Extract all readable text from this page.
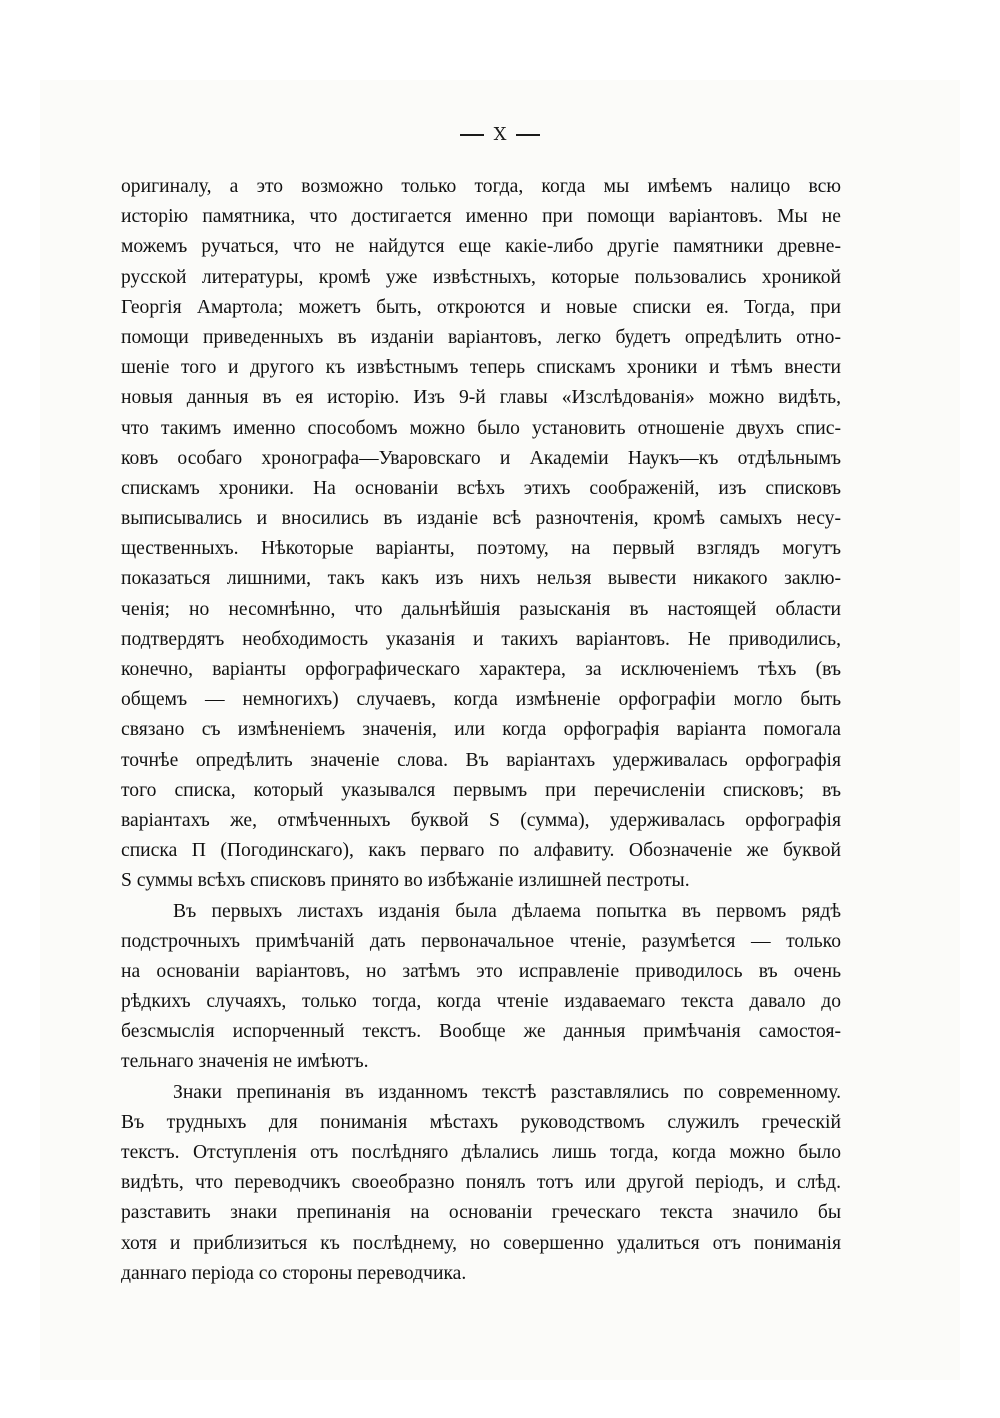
X
оригиналу, а это возможно только тогда, когда мы имѣемъ налицо всю
исторію памятника, что достигается именно при помощи варіантовъ. Мы не
можемъ ручаться, что не найдутся еще какіе-либо другіе памятники древне-
русской литературы, кромѣ уже извѣстныхъ, которые пользовались хроникой
Георгія Амартола; можетъ быть, откроются и новые списки ея. Тогда, при
помощи приведенныхъ въ изданіи варіантовъ, легко будетъ опредѣлить отно-
шеніе того и другого къ извѣстнымъ теперь спискамъ хроники и тѣмъ внести
новыя данныя въ ея исторію. Изъ 9-й главы «Изслѣдованія» можно видѣть,
что такимъ именно способомъ можно было установить отношеніе двухъ спис-
ковъ особаго хронографа—Уваровскаго и Академіи Наукъ—къ отдѣльнымъ
спискамъ хроники. На основаніи всѣхъ этихъ соображеній, изъ списковъ
выписывались и вносились въ изданіе всѣ разночтенія, кромѣ самыхъ несу-
щественныхъ. Нѣкоторые варіанты, поэтому, на первый взглядъ могутъ
показаться лишними, такъ какъ изъ нихъ нельзя вывести никакого заклю-
ченія; но несомнѣнно, что дальнѣйшія разысканія въ настоящей области
подтвердятъ необходимость указанія и такихъ варіантовъ. Не приводились,
конечно, варіанты орфографическаго характера, за исключеніемъ тѣхъ (въ
общемъ — немногихъ) случаевъ, когда измѣненіе орфографіи могло быть
связано съ измѣненіемъ значенія, или когда орфографія варіанта помогала
точнѣе опредѣлить значеніе слова. Въ варіантахъ удерживалась орфографія
того списка, который указывался первымъ при перечисленіи списковъ; въ
варіантахъ же, отмѣченныхъ буквой S (сумма), удерживалась орфографія
списка П (Погодинскаго), какъ перваго по алфавиту. Обозначеніе же буквой
S суммы всѣхъ списковъ принято во избѣжаніе излишней пестроты.
Въ первыхъ листахъ изданія была дѣлаема попытка въ первомъ рядѣ
подстрочныхъ примѣчаній дать первоначальное чтеніе, разумѣется — только
на основаніи варіантовъ, но затѣмъ это исправленіе приводилось въ очень
рѣдкихъ случаяхъ, только тогда, когда чтеніе издаваемаго текста давало до
безсмыслія испорченный текстъ. Вообще же данныя примѣчанія самостоя-
тельнаго значенія не имѣютъ.
Знаки препинанія въ изданномъ текстѣ разставлялись по современному.
Въ трудныхъ для пониманія мѣстахъ руководствомъ служилъ греческій
текстъ. Отступленія отъ послѣдняго дѣлались лишь тогда, когда можно было
видѣть, что переводчикъ своеобразно понялъ тотъ или другой періодъ, и слѣд.
разставить знаки препинанія на основаніи греческаго текста значило бы
хотя и приблизиться къ послѣднему, но совершенно удалиться отъ пониманія
даннаго періода со стороны переводчика.
